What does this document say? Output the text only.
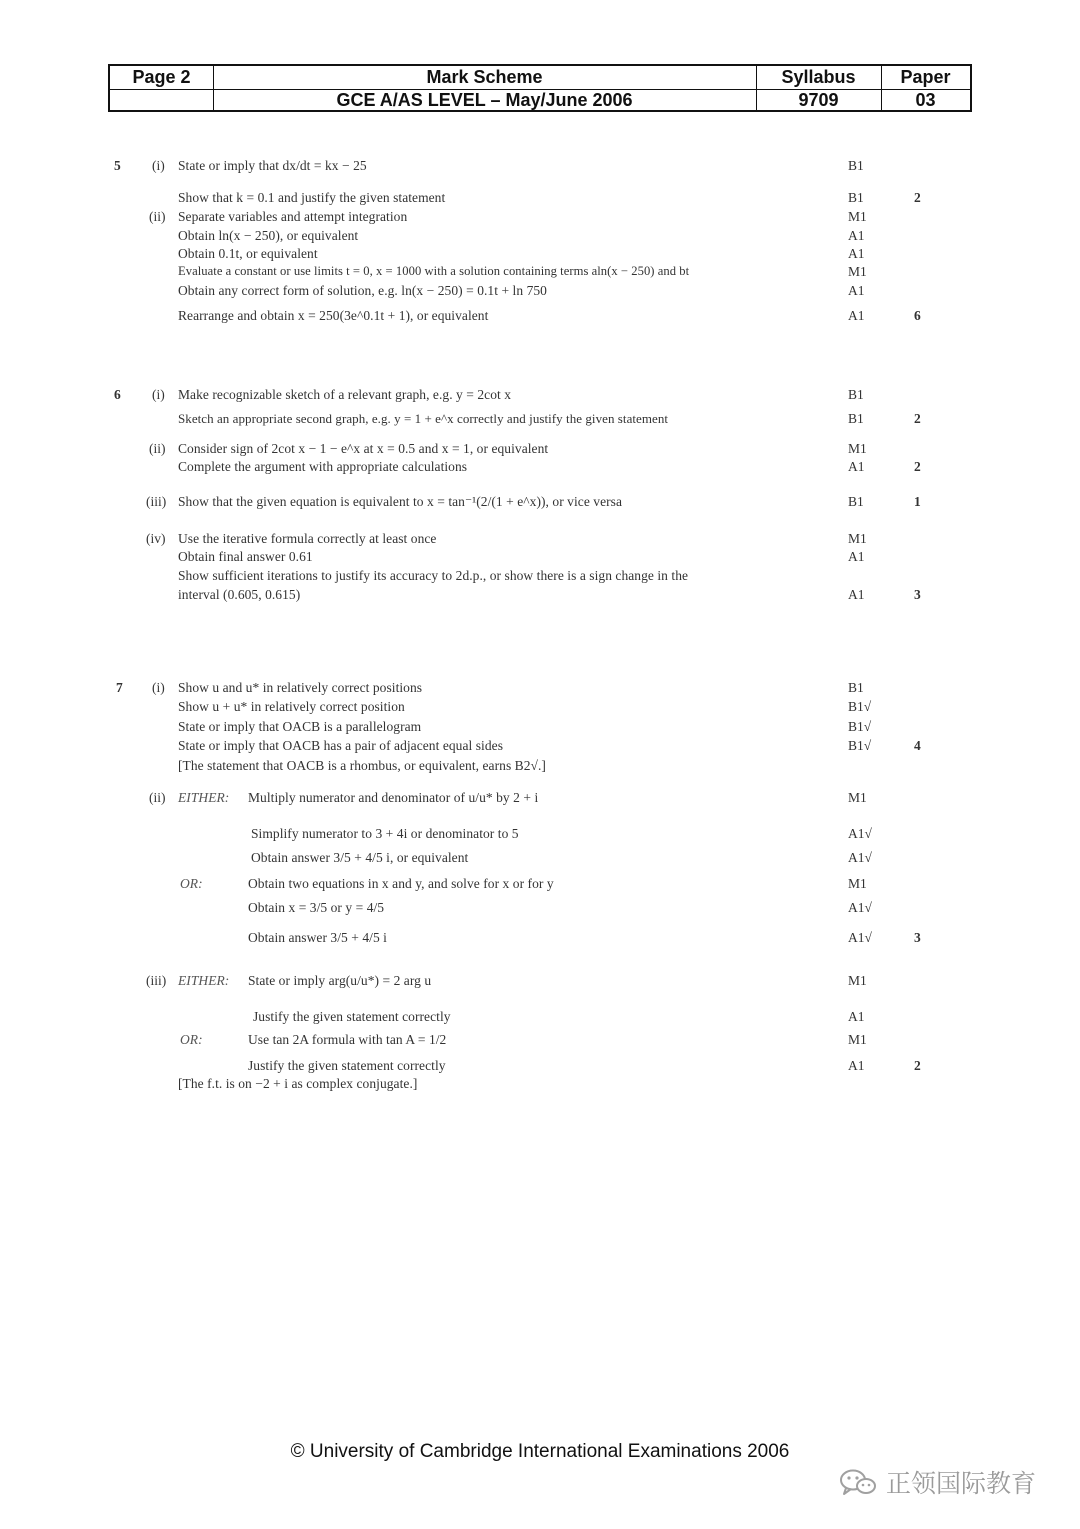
Page 2	Mark Scheme	Syllabus	Paper
GCE A/AS LEVEL – May/June 2006	9709	03
5 (i) State or imply that dx/dt = kx − 25	B1
Show that k = 0.1 and justify the given statement	B1	2
(ii) Separate variables and attempt integration	M1
Obtain ln(x − 250), or equivalent	A1
Obtain 0.1t, or equivalent	A1
Evaluate a constant or use limits t = 0, x = 1000 with a solution containing terms aln(x − 250) and bt	M1
Obtain any correct form of solution, e.g. ln(x − 250) = 0.1t + ln 750	A1
Rearrange and obtain x = 250(3e^0.1t + 1), or equivalent	A1	6
6 (i) Make recognizable sketch of a relevant graph, e.g. y = 2cot x	B1
Sketch an appropriate second graph, e.g. y = 1 + e^x correctly and justify the given statement	B1	2
(ii) Consider sign of 2cot x − 1 − e^x at x = 0.5 and x = 1, or equivalent	M1
Complete the argument with appropriate calculations	A1	2
(iii) Show that the given equation is equivalent to x = tan⁻¹(2/(1 + e^x)), or vice versa	B1	1
(iv) Use the iterative formula correctly at least once	M1
Obtain final answer 0.61	A1
Show sufficient iterations to justify its accuracy to 2d.p., or show there is a sign change in the
interval (0.605, 0.615)	A1	3
7 (i) Show u and u* in relatively correct positions	B1
Show u + u* in relatively correct position	B1√
State or imply that OACB is a parallelogram	B1√
State or imply that OACB has a pair of adjacent equal sides	B1√	4
[The statement that OACB is a rhombus, or equivalent, earns B2√.]
(ii) EITHER: Multiply numerator and denominator of u/u* by 2 + i	M1
Simplify numerator to 3 + 4i or denominator to 5	A1√
Obtain answer 3/5 + 4/5 i, or equivalent	A1√
OR:	Obtain two equations in x and y, and solve for x or for y	M1
Obtain x = 3/5 or y = 4/5	A1√
Obtain answer 3/5 + 4/5 i	A1√	3
(iii) EITHER: State or imply arg(u/u*) = 2 arg u	M1
Justify the given statement correctly	A1
OR:	Use tan 2A formula with tan A = 1/2	M1
Justify the given statement correctly	A1	2
[The f.t. is on −2 + i as complex conjugate.]
© University of Cambridge International Examinations 2006
正领国际教育
